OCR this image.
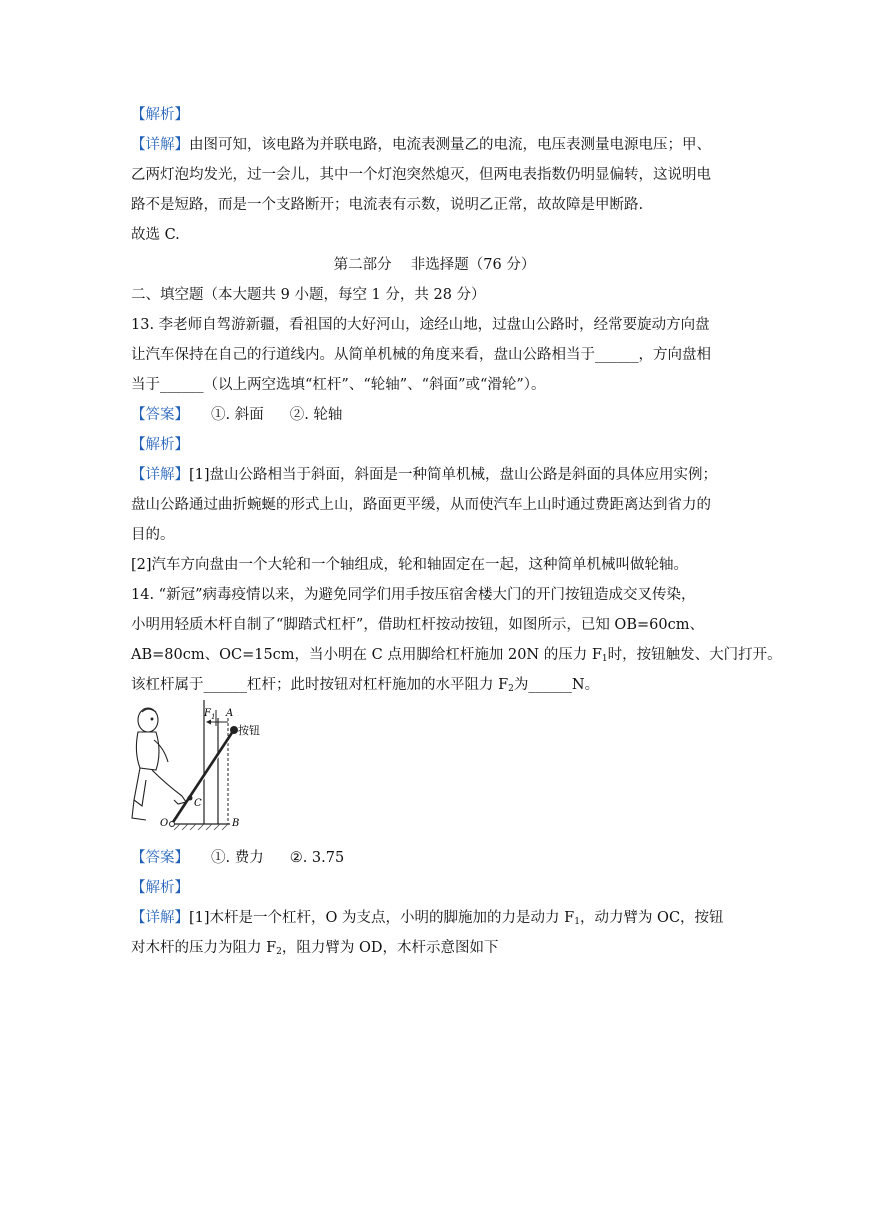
【解析】
【详解】由图可知，该电路为并联电路，电流表测量乙的电流，电压表测量电源电压；甲、
乙两灯泡均发光，过一会儿，其中一个灯泡突然熄灭，但两电表指数仍明显偏转，这说明电
路不是短路，而是一个支路断开；电流表有示数，说明乙正常，故故障是甲断路.
故选 C.
第二部分　 非选择题（76 分）
二、填空题（本大题共 9 小题，每空 1 分，共 28 分）
13. 李老师自驾游新疆，看祖国的大好河山，途经山地，过盘山公路时，经常要旋动方向盘
让汽车保持在自己的行道线内。从简单机械的角度来看，盘山公路相当于______，方向盘相
当于______（以上两空选填“杠杆”、“轮轴”、“斜面”或“滑轮”）。
【答案】 ①. 斜面 ②. 轮轴
【解析】
【详解】[1]盘山公路相当于斜面，斜面是一种简单机械，盘山公路是斜面的具体应用实例；
盘山公路通过曲折蜿蜒的形式上山，路面更平缓，从而使汽车上山时通过费距离达到省力的
目的。
[2]汽车方向盘由一个大轮和一个轴组成，轮和轴固定在一起，这种简单机械叫做轮轴。
14. “新冠”病毒疫情以来，为避免同学们用手按压宿舍楼大门的开门按钮造成交叉传染，
小明用轻质木杆自制了“脚踏式杠杆”，借助杠杆按动按钮，如图所示，已知 OB=60cm、
AB=80cm、OC=15cm，当小明在 C 点用脚给杠杆施加 20N 的压力 $F_1$时，按钮触发、大门打开。
该杠杆属于______杠杆；此时按钮对杠杆施加的水平阻力 $F_2$为______N。
$F_1$ A
按钮
C
O	B
【答案】 ①. 费力 ②. 3.75
【解析】
【详解】[1]木杆是一个杠杆，O 为支点，小明的脚施加的力是动力 $F_1$，动力臂为 OC，按钮
对木杆的压力为阻力 $F_2$，阻力臂为 OD，木杆示意图如下
